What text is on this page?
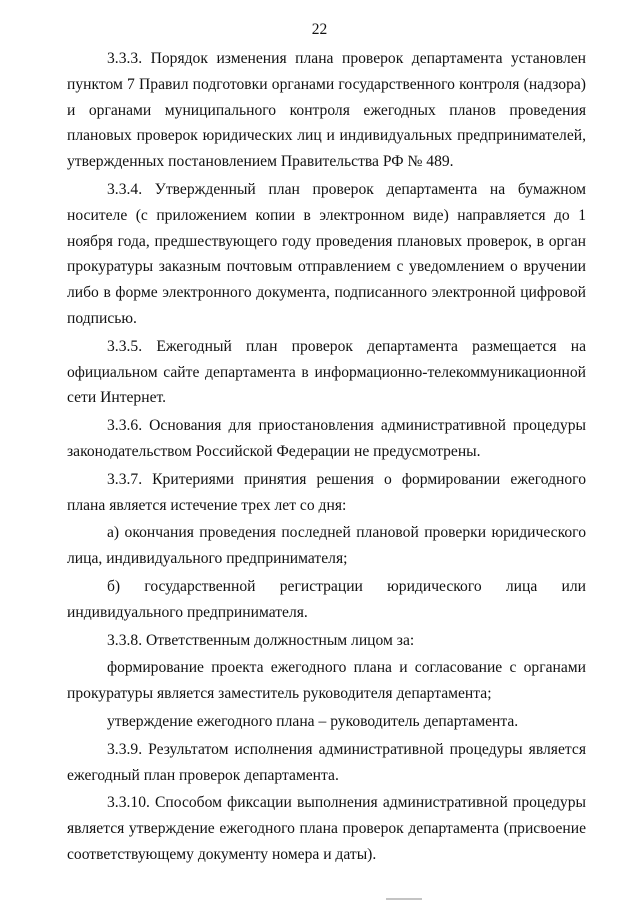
22

3.3.3. Порядок изменения плана проверок департамента установлен пунктом 7 Правил подготовки органами государственного контроля (надзора) и органами муниципального контроля ежегодных планов проведения плановых проверок юридических лиц и индивидуальных предпринимателей, утвержденных постановлением Правительства РФ № 489.

3.3.4. Утвержденный план проверок департамента на бумажном носителе (с приложением копии в электронном виде) направляется до 1 ноября года, предшествующего году проведения плановых проверок, в орган прокуратуры заказным почтовым отправлением с уведомлением о вручении либо в форме электронного документа, подписанного электронной цифровой подписью.

3.3.5. Ежегодный план проверок департамента размещается на официальном сайте департамента в информационно-телекоммуникационной сети Интернет.

3.3.6. Основания для приостановления административной процедуры законодательством Российской Федерации не предусмотрены.

3.3.7. Критериями принятия решения о формировании ежегодного плана является истечение трех лет со дня:

а) окончания проведения последней плановой проверки юридического лица, индивидуального предпринимателя;

б) государственной регистрации юридического лица или индивидуального предпринимателя.

3.3.8. Ответственным должностным лицом за:

формирование проекта ежегодного плана и согласование с органами прокуратуры является заместитель руководителя департамента;

утверждение ежегодного плана – руководитель департамента.

3.3.9. Результатом исполнения административной процедуры является ежегодный план проверок департамента.

3.3.10. Способом фиксации выполнения административной процедуры является утверждение ежегодного плана проверок департамента (присвоение соответствующему документу номера и даты).
